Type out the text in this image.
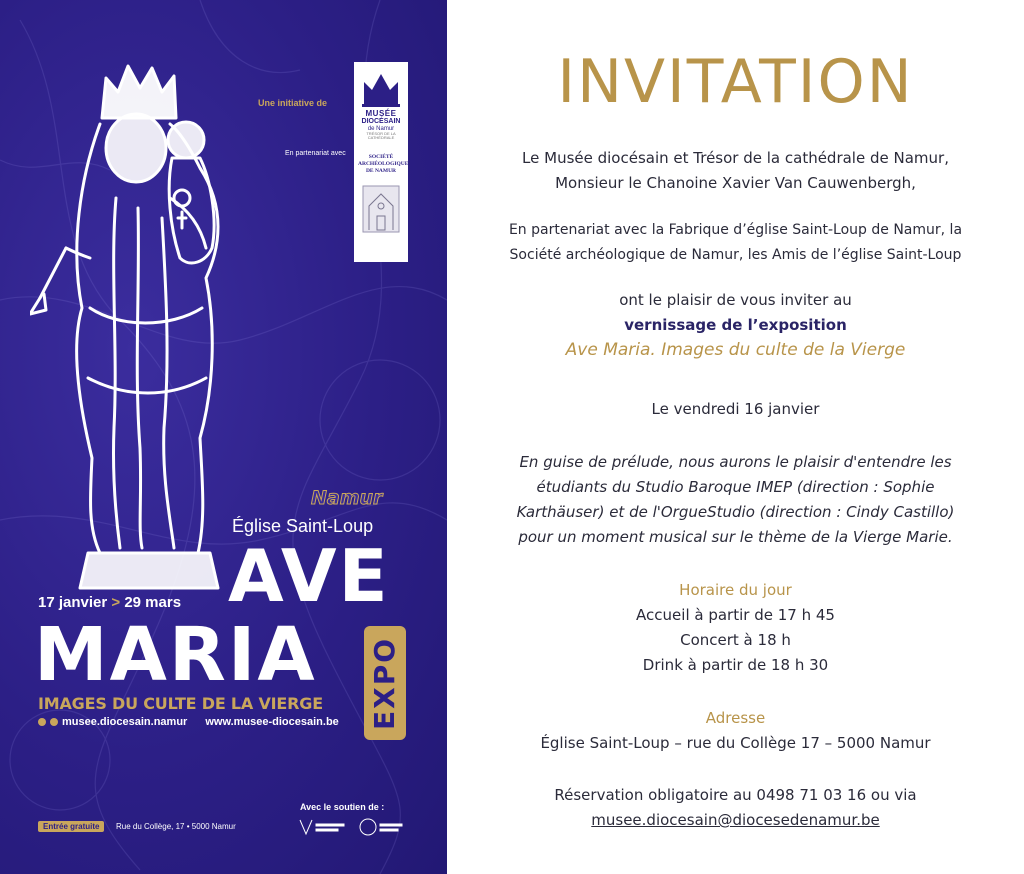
Une initiative de
En partenariat avec
MUSÉE
DIOCÉSAIN
de Namur
TRÉSOR DE LA CATHÉDRALE
SOCIÉTÉ
ARCHÉOLOGIQUE
DE NAMUR
Namur
Église Saint-Loup
AVE
17 janvier > 29 mars
MARIA EXPO
IMAGES DU CULTE DE LA VIERGE
musee.diocesain.namur www.musee-diocesain.be
Avec le soutien de :
Entrée gratuite	Rue du Collège, 17 • 5000 Namur
INVITATION
Le Musée diocésain et Trésor de la cathédrale de Namur,
Monsieur le Chanoine Xavier Van Cauwenbergh,
En partenariat avec la Fabrique d’église Saint-Loup de Namur, la
Société archéologique de Namur, les Amis de l’église Saint-Loup
ont le plaisir de vous inviter au
vernissage de l’exposition
Ave Maria. Images du culte de la Vierge
Le vendredi 16 janvier
En guise de prélude, nous aurons le plaisir d'entendre les
étudiants du Studio Baroque IMEP (direction : Sophie
Karthäuser) et de l'OrgueStudio (direction : Cindy Castillo)
pour un moment musical sur le thème de la Vierge Marie.
Horaire du jour
Accueil à partir de 17 h 45
Concert à 18 h
Drink à partir de 18 h 30
Adresse
Église Saint-Loup – rue du Collège 17 – 5000 Namur
Réservation obligatoire au 0498 71 03 16 ou via
musee.diocesain@diocesedenamur.be
